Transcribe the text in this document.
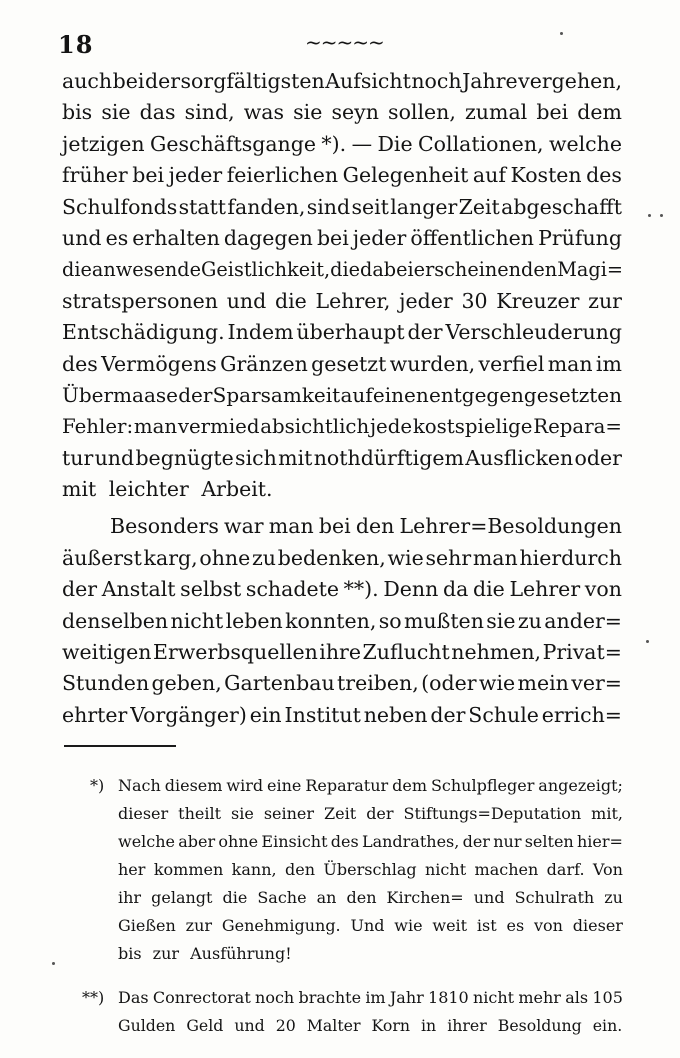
18	~~~~~
auch bei der sorgfältigsten Aufsicht noch Jahre vergehen,
bis sie das sind, was sie seyn sollen, zumal bei dem
jetzigen Geschäftsgange *). — Die Collationen, welche
früher bei jeder feierlichen Gelegenheit auf Kosten des
Schulfonds statt fanden, sind seit langer Zeit abgeschafft
und es erhalten dagegen bei jeder öffentlichen Prüfung
die anwesende Geistlichkeit, die dabei erscheinenden Magi=
stratspersonen und die Lehrer, jeder 30 Kreuzer zur
Entschädigung. Indem überhaupt der Verschleuderung
des Vermögens Gränzen gesetzt wurden, verfiel man im
Übermaase der Sparsamkeit auf einen entgegengesetzten
Fehler: man vermied absichtlich jede kostspielige Repara=
tur und begnügte sich mit nothdürftigem Ausflicken oder
mit leichter Arbeit.
Besonders war man bei den Lehrer=Besoldungen
äußerst karg, ohne zu bedenken, wie sehr man hierdurch
der Anstalt selbst schadete **). Denn da die Lehrer von
denselben nicht leben konnten, so mußten sie zu ander=
weitigen Erwerbsquellen ihre Zuflucht nehmen, Privat=
Stunden geben, Gartenbau treiben, (oder wie mein ver=
ehrter Vorgänger) ein Institut neben der Schule errich=
*) Nach diesem wird eine Reparatur dem Schulpfleger angezeigt;
dieser theilt sie seiner Zeit der Stiftungs=Deputation mit,
welche aber ohne Einsicht des Landrathes, der nur selten hier=
her kommen kann, den Überschlag nicht machen darf. Von
ihr gelangt die Sache an den Kirchen= und Schulrath zu
Gießen zur Genehmigung. Und wie weit ist es von dieser
bis zur Ausführung!
**) Das Conrectorat noch brachte im Jahr 1810 nicht mehr als 105
Gulden Geld und 20 Malter Korn in ihrer Besoldung ein.
